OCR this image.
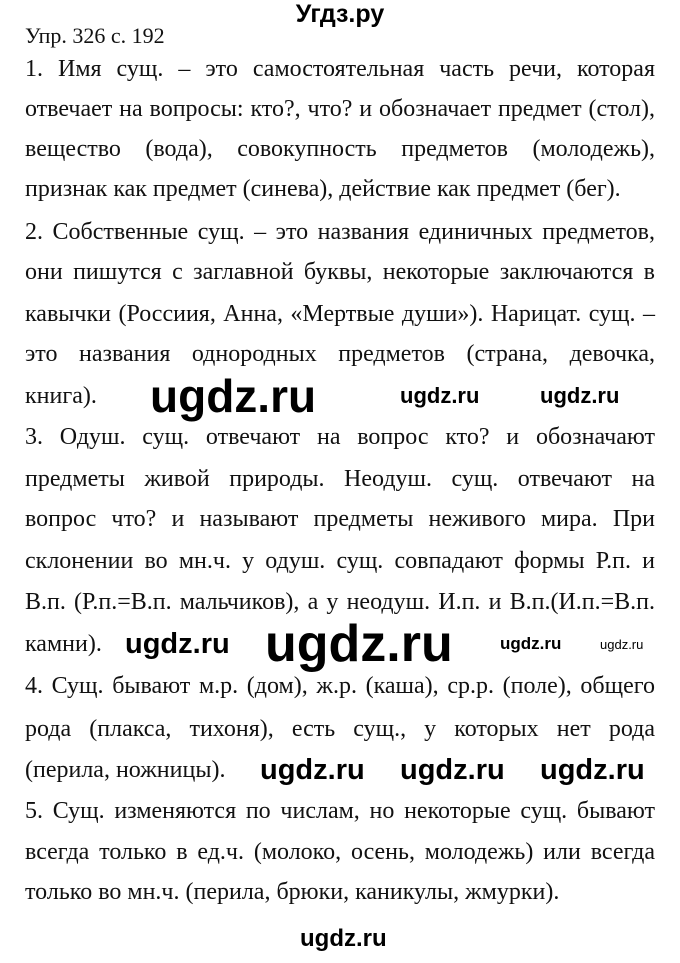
Угдз.ру
Упр. 326 с. 192
1. Имя сущ. – это самостоятельная часть речи, которая
отвечает на вопросы: кто?, что? и обозначает предмет (стол),
вещество (вода), совокупность предметов (молодежь),
признак как предмет (синева), действие как предмет (бег).
2. Собственные сущ. – это названия единичных предметов,
они пишутся с заглавной буквы, некоторые заключаются в
кавычки (Россиия, Анна, «Мертвые души»). Нарицат. сущ. –
это названия однородных предметов (страна, девочка,
книга).
3. Одуш. сущ. отвечают на вопрос кто? и обозначают
предметы живой природы. Неодуш. сущ. отвечают на
вопрос что? и называют предметы неживого мира. При
склонении во мн.ч. у одуш. сущ. совпадают формы Р.п. и
В.п. (Р.п.=В.п. мальчиков), а у неодуш. И.п. и В.п.(И.п.=В.п.
камни).
4. Сущ. бывают м.р. (дом), ж.р. (каша), ср.р. (поле), общего
рода (плакса, тихоня), есть сущ., у которых нет рода
(перила, ножницы).
5. Сущ. изменяются по числам, но некоторые сущ. бывают
всегда только в ед.ч. (молоко, осень, молодежь) или всегда
только во мн.ч. (перила, брюки, каникулы, жмурки).
ugdz.ru	ugdz.ru	ugdz.ru
ugdz.ru ugdz.ru	ugdz.ru	ugdz.ru
ugdz.ru ugdz.ru ugdz.ru
ugdz.ru
